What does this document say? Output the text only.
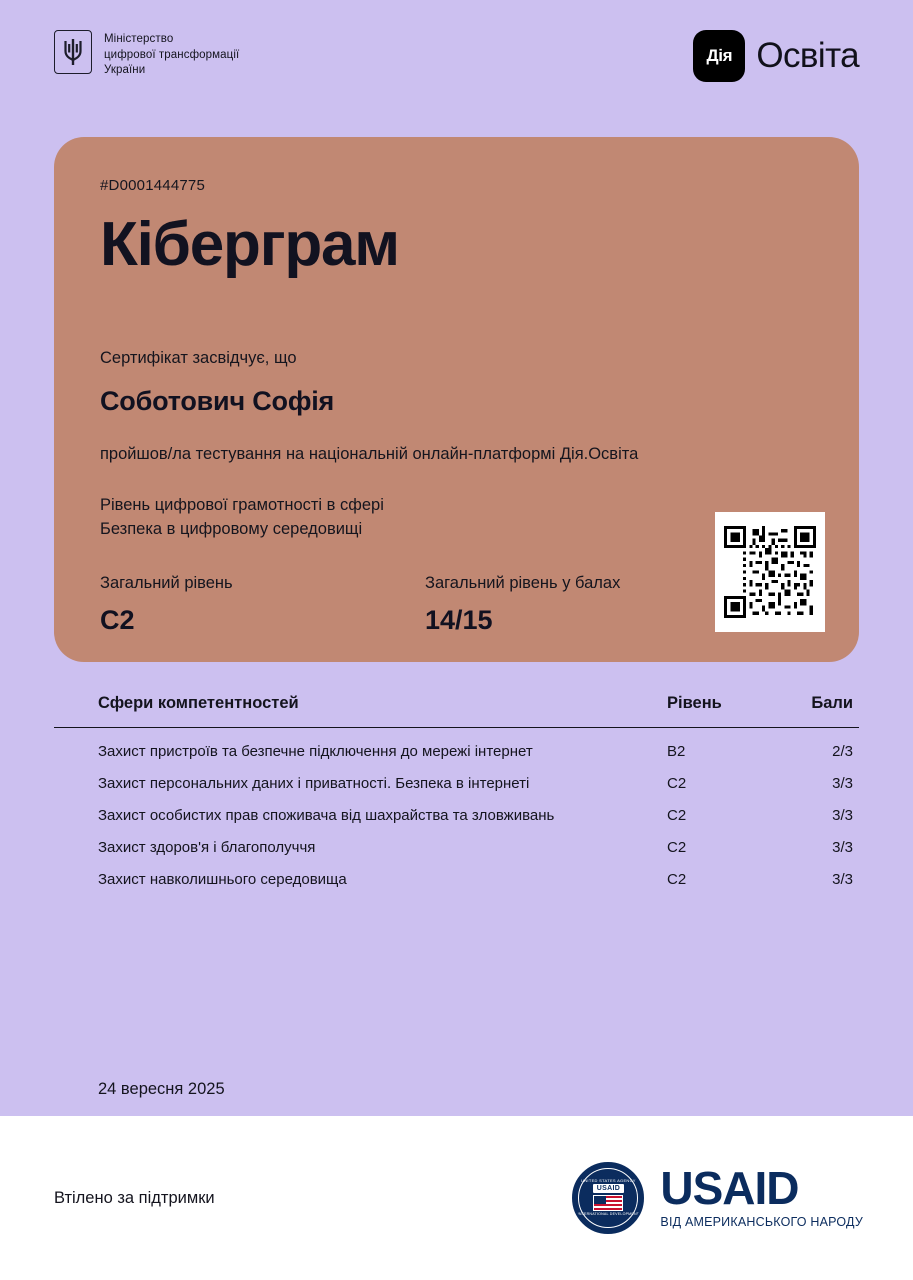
Міністерство
цифрової трансформації
України
Дія Освіта
#D0001444775
Кіберграм
Сертифікат засвідчує, що
Соботович Софія
пройшов/ла тестування на національній онлайн-платформі Дія.Освіта
Рівень цифрової грамотності в сфері
Безпека в цифровому середовищі
Загальний рівень
C2
Загальний рівень у балах
14/15
Сфери компетентностей	Рівень	Бали
Захист пристроїв та безпечне підключення до мережі інтернет	B2	2/3
Захист персональних даних і приватності. Безпека в інтернеті	C2	3/3
Захист особистих прав споживача від шахрайства та зловживань	C2	3/3
Захист здоров'я і благополуччя	C2	3/3
Захист навколишнього середовища	C2	3/3
24 вересня 2025
Втілено за підтримки
UNITED STATES AGENCY
USAID
INTERNATIONAL DEVELOPMENT
USAID
ВІД АМЕРИКАНСЬКОГО НАРОДУ
